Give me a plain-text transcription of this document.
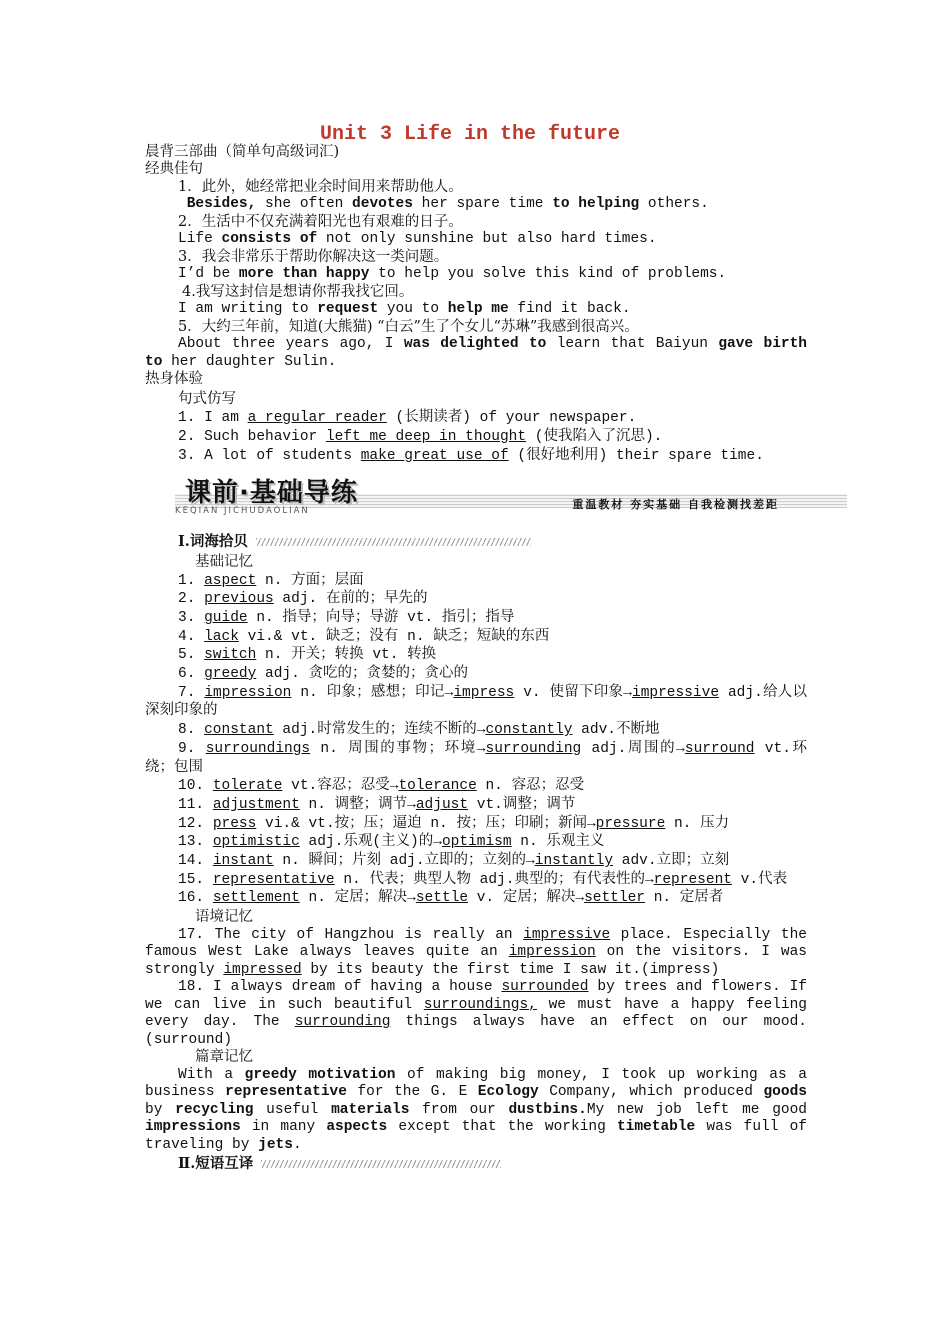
Unit 3 Life in the future
晨背三部曲（简单句高级词汇)
经典佳句
1．此外，她经常把业余时间用来帮助他人。
Besides, she often devotes her spare time to helping others.
2．生活中不仅充满着阳光也有艰难的日子。
Life consists of not only sunshine but also hard times.
3．我会非常乐于帮助你解决这一类问题。
I’d be more than happy to help you solve this kind of problems.
4.我写这封信是想请你帮我找它回。
I am writing to request you to help me find it back.
5．大约三年前，知道(大熊猫) “白云”生了个女儿“苏琳”我感到很高兴。
About three years ago, I was delighted to learn that Baiyun gave birth to her daughter Sulin.
热身体验
句式仿写
1. I am a regular reader (长期读者) of your newspaper.
2. Such behavior left me deep in thought (使我陷入了沉思).
3. A lot of students make great use of (很好地利用) their spare time.
课前·基础导练
KEQIAN JICHUDAOLIAN	重温教材 夯实基础 自我检测找差距
Ⅰ.词海拾贝
基础记忆
1. aspect n. 方面；层面
2. previous adj. 在前的；早先的
3. guide n. 指导；向导；导游 vt. 指引；指导
4. lack vi.& vt. 缺乏；没有 n. 缺乏；短缺的东西
5. switch n. 开关；转换 vt. 转换
6. greedy adj. 贪吃的；贪婪的；贪心的
7. impression n. 印象；感想；印记→impress v. 使留下印象→impressive adj.给人以深刻印象的
8. constant adj.时常发生的；连续不断的→constantly adv.不断地
9. surroundings n. 周围的事物；环境→surrounding adj.周围的→surround vt.环绕；包围
10. tolerate vt.容忍；忍受→tolerance n. 容忍；忍受
11. adjustment n. 调整；调节→adjust vt.调整；调节
12. press vi.& vt.按；压；逼迫 n. 按；压；印刷；新闻→pressure n. 压力
13. optimistic adj.乐观(主义)的→optimism n. 乐观主义
14. instant n. 瞬间；片刻 adj.立即的；立刻的→instantly adv.立即；立刻
15. representative n. 代表；典型人物 adj.典型的；有代表性的→represent v.代表
16. settlement n. 定居；解决→settle v. 定居；解决→settler n. 定居者
语境记忆
17. The city of Hangzhou is really an impressive place. Especially the famous West Lake always leaves quite an impression on the visitors. I was strongly impressed by its beauty the first time I saw it.(impress)
18. I always dream of having a house surrounded by trees and flowers. If we can live in such beautiful surroundings, we must have a happy feeling every day. The surrounding things always have an effect on our mood.(surround)
篇章记忆
With a greedy motivation of making big money, I took up working as a business representative for the G. E Ecology Company, which produced goods by recycling useful materials from our dustbins.My new job left me good impressions in many aspects except that the working timetable was full of traveling by jets.
Ⅱ.短语互译
